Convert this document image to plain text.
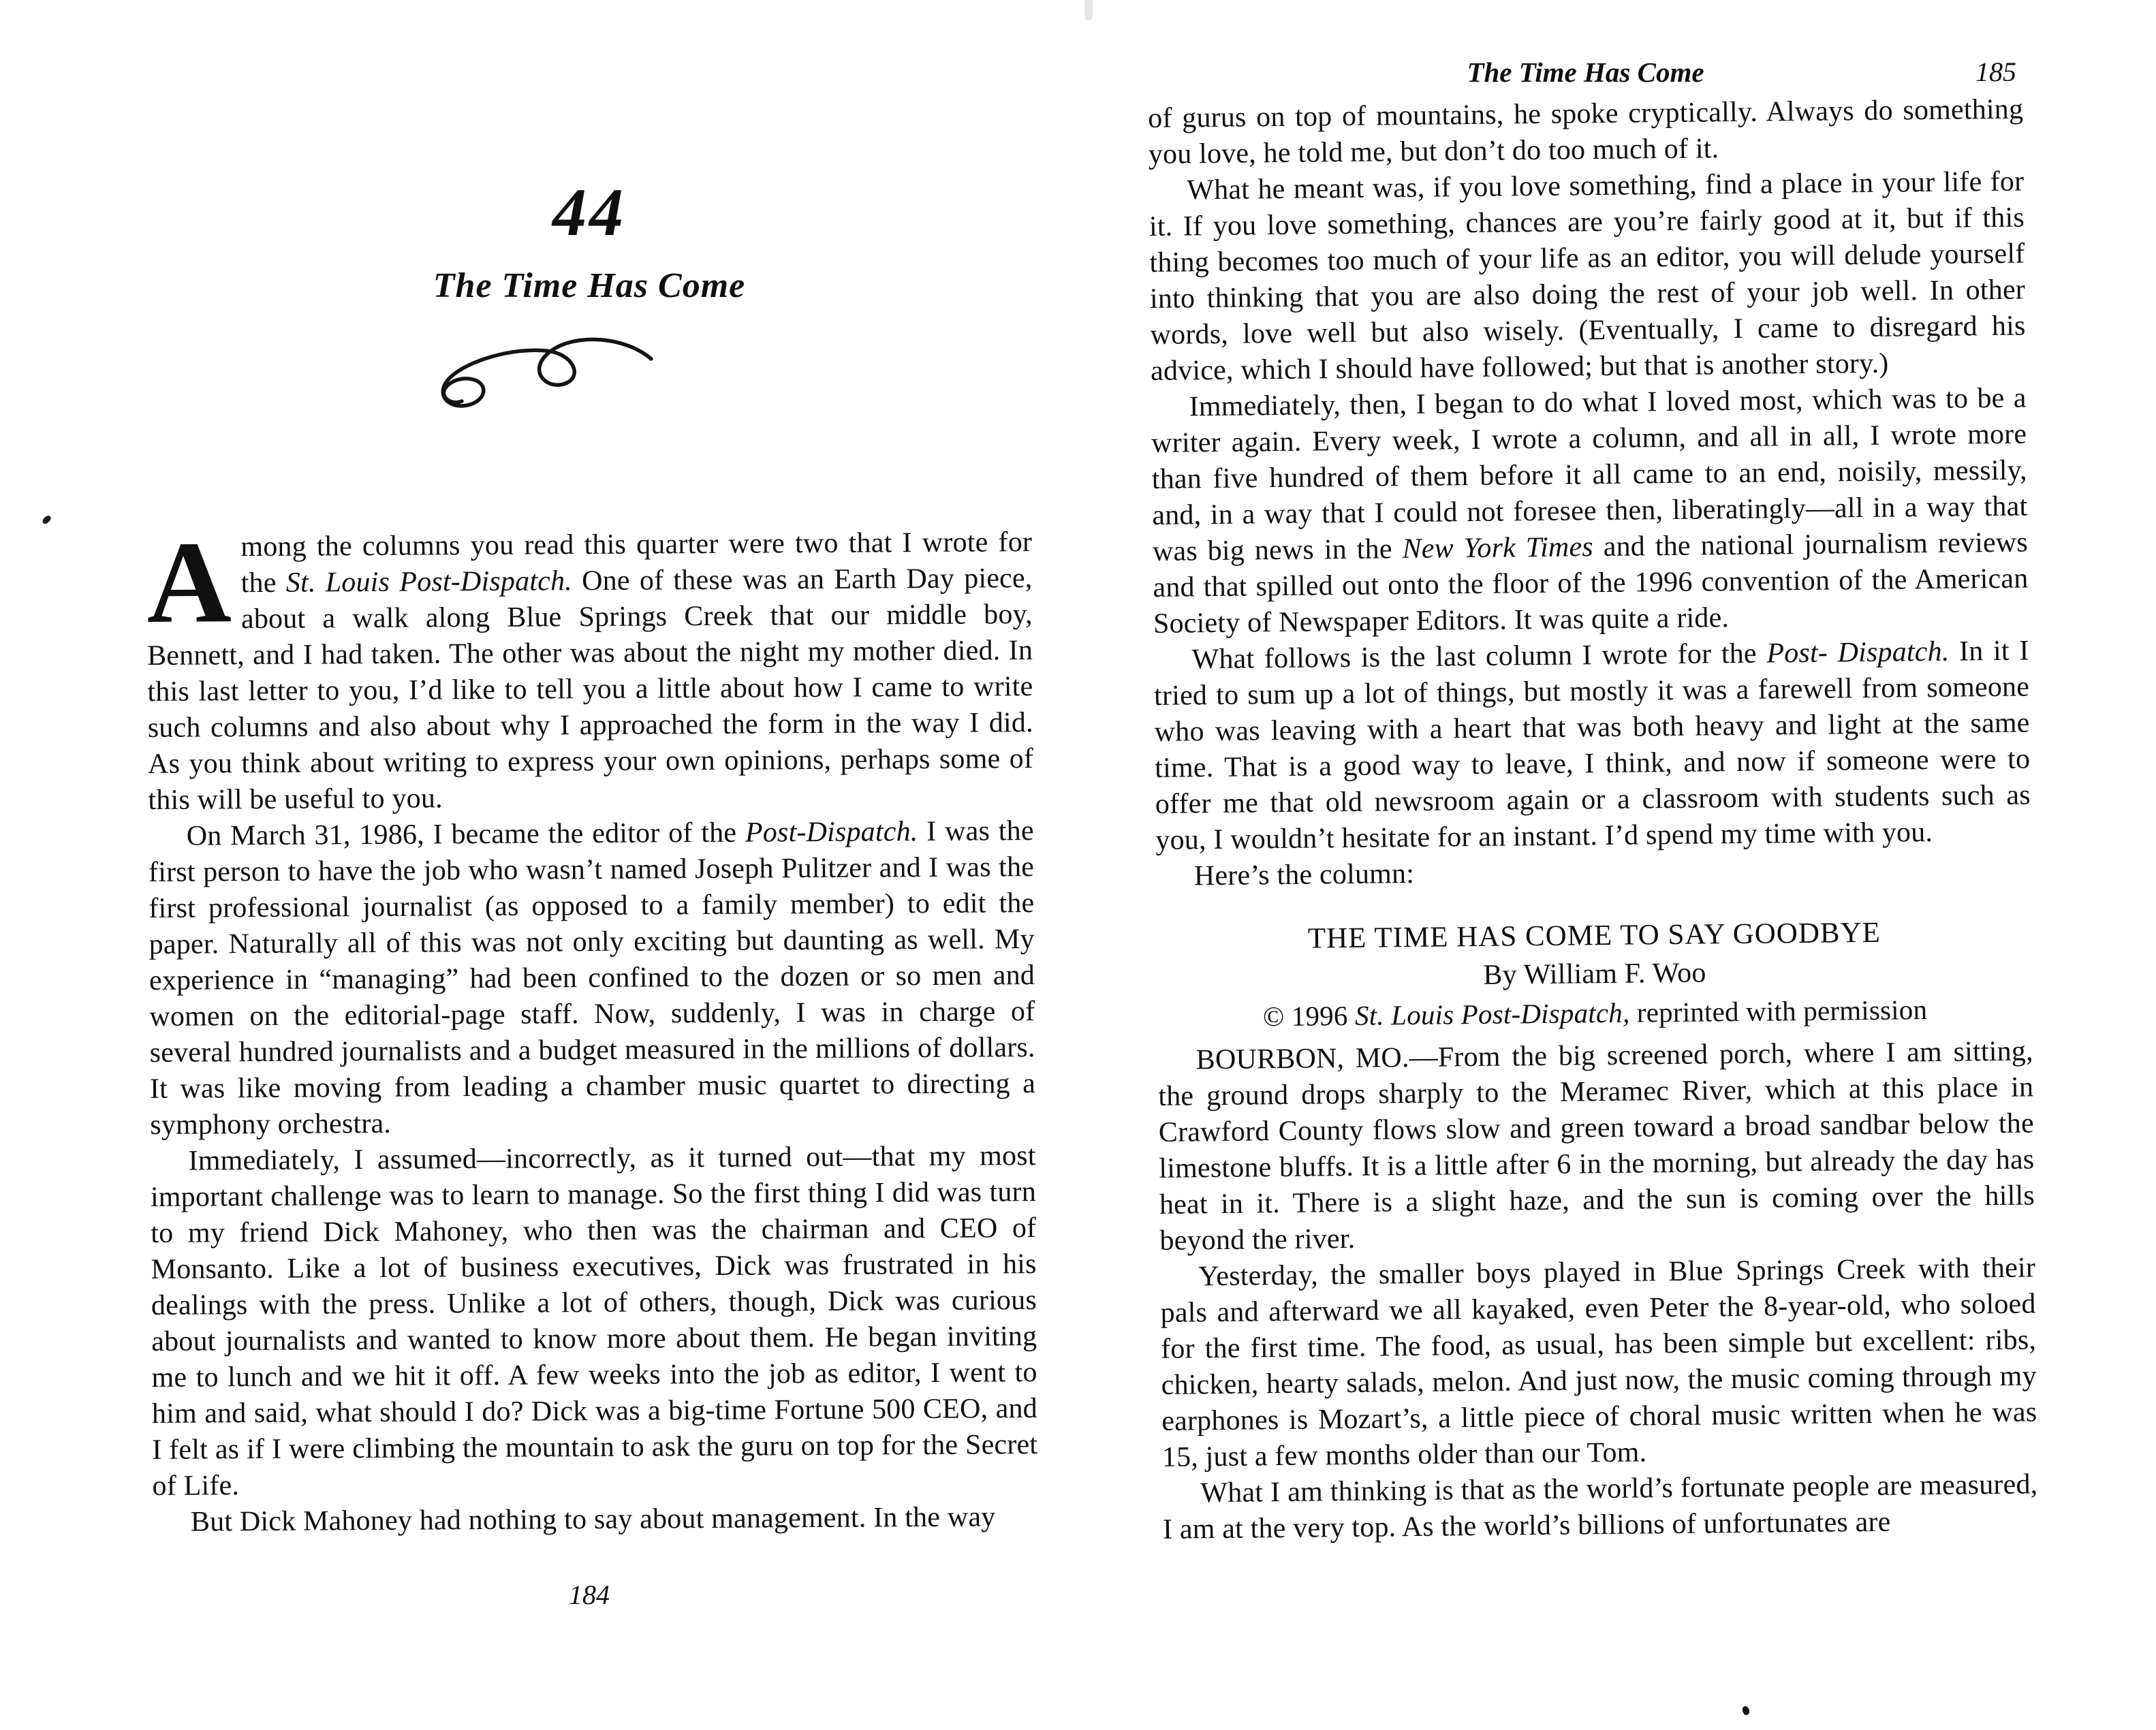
44
The Time Has Come

Among the columns you read this quarter were two that I wrote for the St. Louis Post-Dispatch. One of these was an Earth Day piece, about a walk along Blue Springs Creek that our middle boy, Bennett, and I had taken. The other was about the night my mother died. In this last letter to you, I’d like to tell you a little about how I came to write such columns and also about why I approached the form in the way I did. As you think about writing to express your own opinions, perhaps some of this will be useful to you.

On March 31, 1986, I became the editor of the Post-Dispatch. I was the first person to have the job who wasn’t named Joseph Pulitzer and I was the first professional journalist (as opposed to a family member) to edit the paper. Naturally all of this was not only exciting but daunting as well. My experience in “managing” had been confined to the dozen or so men and women on the editorial-page staff. Now, suddenly, I was in charge of several hundred journalists and a budget measured in the millions of dollars. It was like moving from leading a chamber music quartet to directing a symphony orchestra.

Immediately, I assumed—incorrectly, as it turned out—that my most important challenge was to learn to manage. So the first thing I did was turn to my friend Dick Mahoney, who then was the chairman and CEO of Monsanto. Like a lot of business executives, Dick was frustrated in his dealings with the press. Unlike a lot of others, though, Dick was curious about journalists and wanted to know more about them. He began inviting me to lunch and we hit it off. A few weeks into the job as editor, I went to him and said, what should I do? Dick was a big-time Fortune 500 CEO, and I felt as if I were climbing the mountain to ask the guru on top for the Secret of Life.

But Dick Mahoney had nothing to say about management. In the way

184
The Time Has Come	185

of gurus on top of mountains, he spoke cryptically. Always do something you love, he told me, but don’t do too much of it.

What he meant was, if you love something, find a place in your life for it. If you love something, chances are you’re fairly good at it, but if this thing becomes too much of your life as an editor, you will delude yourself into thinking that you are also doing the rest of your job well. In other words, love well but also wisely. (Eventually, I came to disregard his advice, which I should have followed; but that is another story.)

Immediately, then, I began to do what I loved most, which was to be a writer again. Every week, I wrote a column, and all in all, I wrote more than five hundred of them before it all came to an end, noisily, messily, and, in a way that I could not foresee then, liberatingly—all in a way that was big news in the New York Times and the national journalism reviews and that spilled out onto the floor of the 1996 convention of the American Society of Newspaper Editors. It was quite a ride.

What follows is the last column I wrote for the Post- Dispatch. In it I tried to sum up a lot of things, but mostly it was a farewell from someone who was leaving with a heart that was both heavy and light at the same time. That is a good way to leave, I think, and now if someone were to offer me that old newsroom again or a classroom with students such as you, I wouldn’t hesitate for an instant. I’d spend my time with you.

Here’s the column:

THE TIME HAS COME TO SAY GOODBYE
By William F. Woo
© 1996 St. Louis Post-Dispatch, reprinted with permission

BOURBON, MO.—From the big screened porch, where I am sitting, the ground drops sharply to the Meramec River, which at this place in Crawford County flows slow and green toward a broad sandbar below the limestone bluffs. It is a little after 6 in the morning, but already the day has heat in it. There is a slight haze, and the sun is coming over the hills beyond the river.

Yesterday, the smaller boys played in Blue Springs Creek with their pals and afterward we all kayaked, even Peter the 8-year-old, who soloed for the first time. The food, as usual, has been simple but excellent: ribs, chicken, hearty salads, melon. And just now, the music coming through my earphones is Mozart’s, a little piece of choral music written when he was 15, just a few months older than our Tom.

What I am thinking is that as the world’s fortunate people are measured, I am at the very top. As the world’s billions of unfortunates are
